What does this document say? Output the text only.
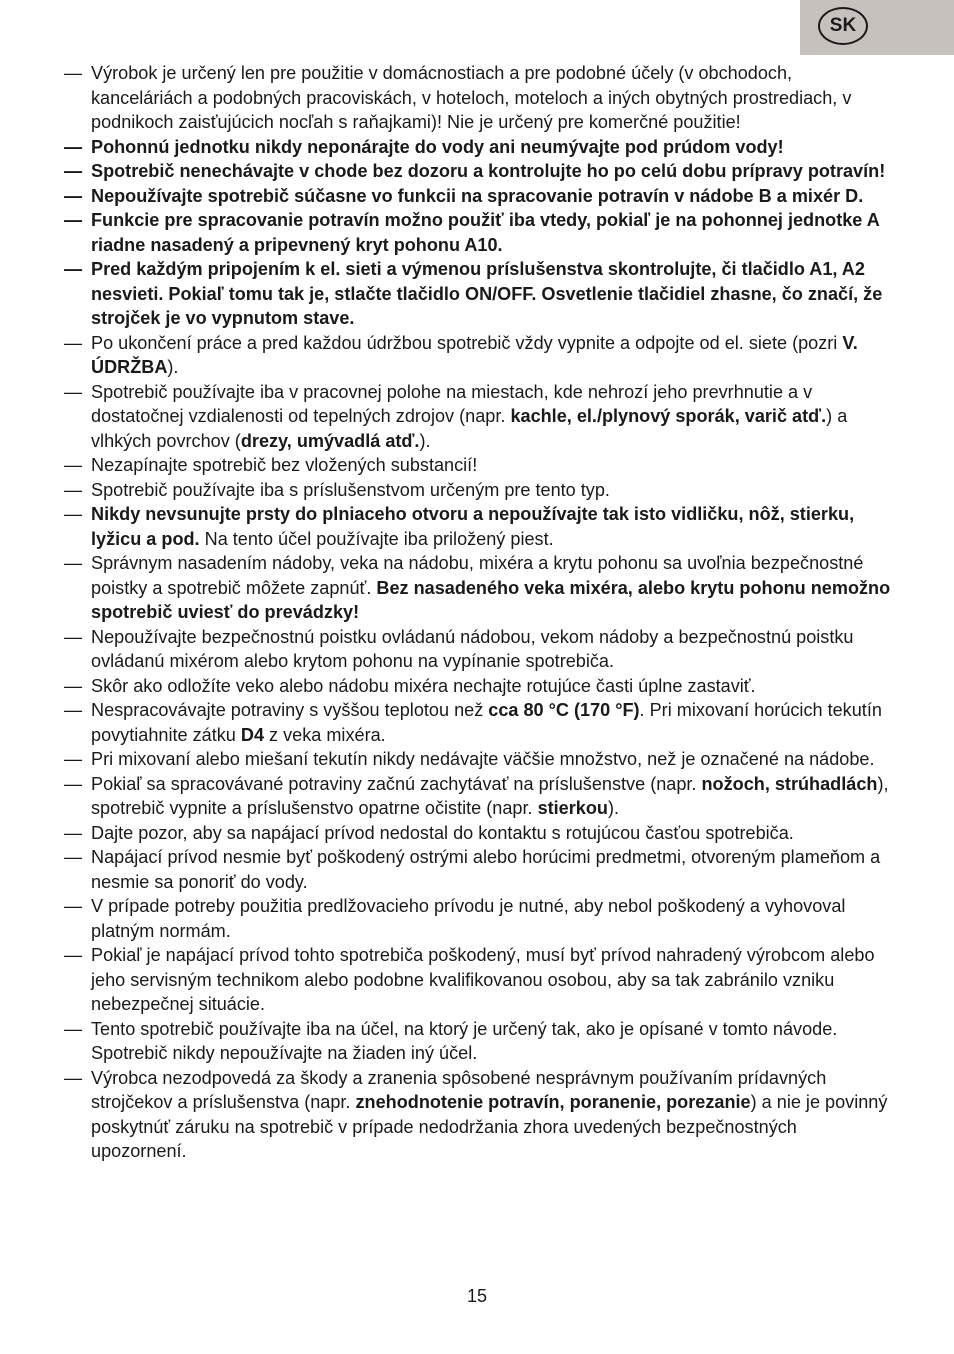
SK

— Výrobok je určený len pre použitie v domácnostiach a pre podobné účely (v obchodoch, kanceláriách a podobných pracoviskách, v hoteloch, moteloch a iných obytných prostrediach, v podnikoch zaisťujúcich nocľah s raňajkami)! Nie je určený pre komerčné použitie!

— Pohonnú jednotku nikdy neponárajte do vody ani neumývajte pod prúdom vody!

— Spotrebič nenechávajte v chode bez dozoru a kontrolujte ho po celú dobu prípravy potravín!

— Nepoužívajte spotrebič súčasne vo funkcii na spracovanie potravín v nádobe B a mixér D.

— Funkcie pre spracovanie potravín možno použiť iba vtedy, pokiaľ je na pohonnej jednotke A riadne nasadený a pripevnený kryt pohonu A10.

— Pred každým pripojením k el. sieti a výmenou príslušenstva skontrolujte, či tlačidlo A1, A2 nesvieti. Pokiaľ tomu tak je, stlačte tlačidlo ON/OFF. Osvetlenie tlačidiel zhasne, čo značí, že strojček je vo vypnutom stave.

— Po ukončení práce a pred každou údržbou spotrebič vždy vypnite a odpojte od el. siete (pozri V. ÚDRŽBA).

— Spotrebič používajte iba v pracovnej polohe na miestach, kde nehrozí jeho prevrhnutie a v dostatočnej vzdialenosti od tepelných zdrojov (napr. kachle, el./plynový sporák, varič atď.) a vlhkých povrchov (drezy, umývadlá atď.).

— Nezapínajte spotrebič bez vložených substancií!

— Spotrebič používajte iba s príslušenstvom určeným pre tento typ.

— Nikdy nevsunujte prsty do plniaceho otvoru a nepoužívajte tak isto vidličku, nôž, stierku, lyžicu a pod. Na tento účel používajte iba priložený piest.

— Správnym nasadením nádoby, veka na nádobu, mixéra a krytu pohonu sa uvoľnia bezpečnostné poistky a spotrebič môžete zapnúť. Bez nasadeného veka mixéra, alebo krytu pohonu nemožno spotrebič uviesť do prevádzky!

— Nepoužívajte bezpečnostnú poistku ovládanú nádobou, vekom nádoby a bezpečnostnú poistku ovládanú mixérom alebo krytom pohonu na vypínanie spotrebiča.

— Skôr ako odložíte veko alebo nádobu mixéra nechajte rotujúce časti úplne zastaviť.

— Nespracovávajte potraviny s vyššou teplotou než cca 80 °C (170 °F). Pri mixovaní horúcich tekutín povytiahnite zátku D4 z veka mixéra.

— Pri mixovaní alebo miešaní tekutín nikdy nedávajte väčšie množstvo, než je označené na nádobe.

— Pokiaľ sa spracovávané potraviny začnú zachytávať na príslušenstve (napr. nožoch, strúhadlách), spotrebič vypnite a príslušenstvo opatrne očistite (napr. stierkou).

— Dajte pozor, aby sa napájací prívod nedostal do kontaktu s rotujúcou časťou spotrebiča.

— Napájací prívod nesmie byť poškodený ostrými alebo horúcimi predmetmi, otvoreným plameňom a nesmie sa ponoriť do vody.

— V prípade potreby použitia predlžovacieho prívodu je nutné, aby nebol poškodený a vyhovoval platným normám.

— Pokiaľ je napájací prívod tohto spotrebiča poškodený, musí byť prívod nahradený výrobcom alebo jeho servisným technikom alebo podobne kvalifikovanou osobou, aby sa tak zabránilo vzniku nebezpečnej situácie.

— Tento spotrebič používajte iba na účel, na ktorý je určený tak, ako je opísané v tomto návode. Spotrebič nikdy nepoužívajte na žiaden iný účel.

— Výrobca nezodpovedá za škody a zranenia spôsobené nesprávnym používaním prídavných strojčekov a príslušenstva (napr. znehodnotenie potravín, poranenie, porezanie) a nie je povinný poskytnúť záruku na spotrebič v prípade nedodržania zhora uvedených bezpečnostných upozornení.

15
